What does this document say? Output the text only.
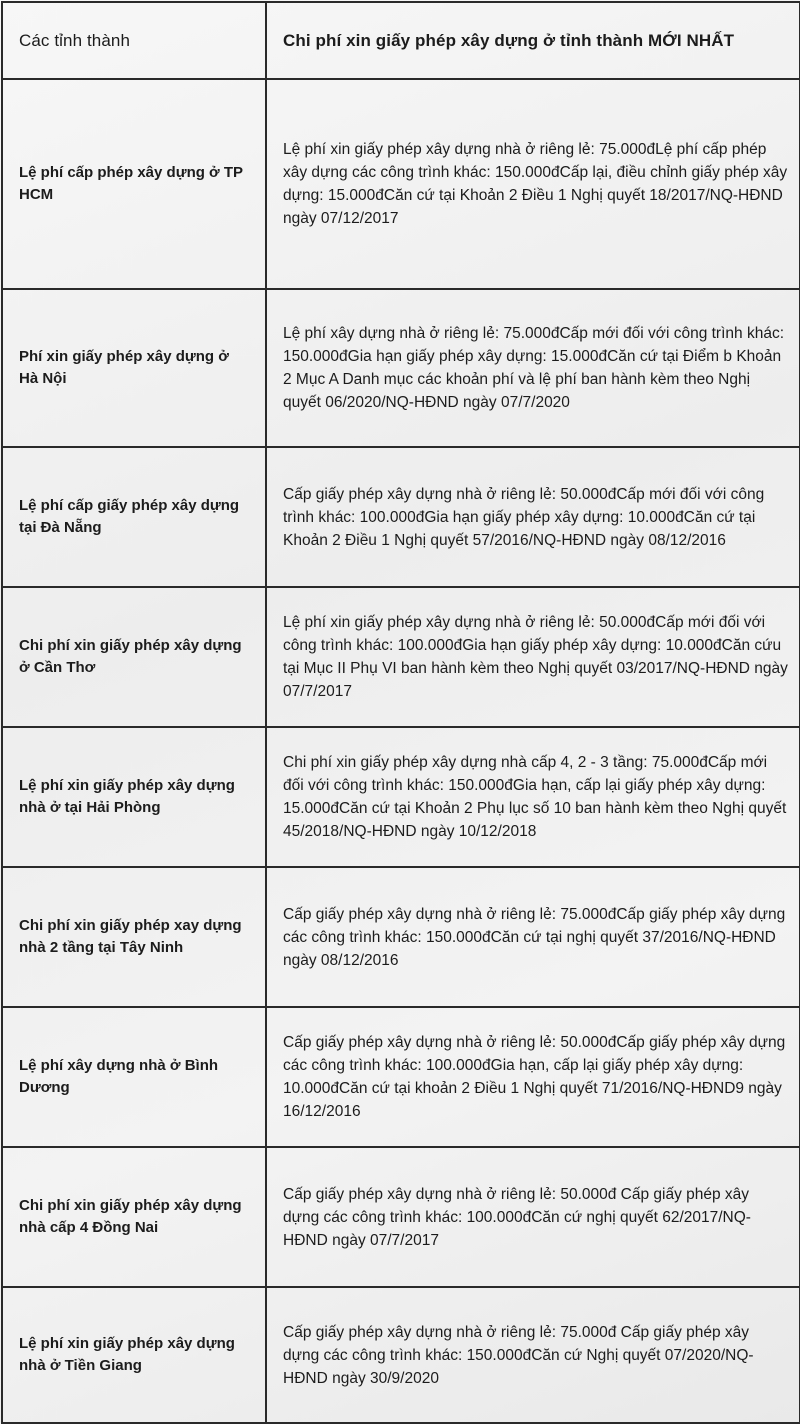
Các tỉnh thành	Chi phí xin giấy phép xây dựng ở tỉnh thành MỚI NHẤT
Lệ phí cấp phép xây dựng ở TP HCM	Lệ phí xin giấy phép xây dựng nhà ở riêng lẻ: 75.000đLệ phí cấp phép xây dựng các công trình khác: 150.000đCấp lại, điều chỉnh giấy phép xây dựng: 15.000đCăn cứ tại Khoản 2 Điều 1 Nghị quyết 18/2017/NQ-HĐND ngày 07/12/2017
Phí xin giấy phép xây dựng ở Hà Nội	Lệ phí xây dựng nhà ở riêng lẻ: 75.000đCấp mới đối với công trình khác: 150.000đGia hạn giấy phép xây dựng: 15.000đCăn cứ tại Điểm b Khoản 2 Mục A Danh mục các khoản phí và lệ phí ban hành kèm theo Nghị quyết 06/2020/NQ-HĐND ngày 07/7/2020
Lệ phí cấp giấy phép xây dựng tại Đà Nẵng	Cấp giấy phép xây dựng nhà ở riêng lẻ: 50.000đCấp mới đối với công trình khác: 100.000đGia hạn giấy phép xây dựng: 10.000đCăn cứ tại Khoản 2 Điều 1 Nghị quyết 57/2016/NQ-HĐND ngày 08/12/2016
Chi phí xin giấy phép xây dựng ở Cần Thơ	Lệ phí xin giấy phép xây dựng nhà ở riêng lẻ: 50.000đCấp mới đối với công trình khác: 100.000đGia hạn giấy phép xây dựng: 10.000đCăn cứu tại Mục II Phụ VI ban hành kèm theo Nghị quyết 03/2017/NQ-HĐND ngày 07/7/2017
Lệ phí xin giấy phép xây dựng nhà ở tại Hải Phòng	Chi phí xin giấy phép xây dựng nhà cấp 4, 2 - 3 tầng: 75.000đCấp mới đối với công trình khác: 150.000đGia hạn, cấp lại giấy phép xây dựng: 15.000đCăn cứ tại Khoản 2 Phụ lục số 10 ban hành kèm theo Nghị quyết 45/2018/NQ-HĐND ngày 10/12/2018
Chi phí xin giấy phép xay dựng nhà 2 tầng tại Tây Ninh	Cấp giấy phép xây dựng nhà ở riêng lẻ: 75.000đCấp giấy phép xây dựng các công trình khác: 150.000đCăn cứ tại nghị quyết 37/2016/NQ-HĐND ngày 08/12/2016
Lệ phí xây dựng nhà ở Bình Dương	Cấp giấy phép xây dựng nhà ở riêng lẻ: 50.000đCấp giấy phép xây dựng các công trình khác: 100.000đGia hạn, cấp lại giấy phép xây dựng: 10.000đCăn cứ tại khoản 2 Điều 1 Nghị quyết 71/2016/NQ-HĐND9 ngày 16/12/2016
Chi phí xin giấy phép xây dựng nhà cấp 4 Đồng Nai	Cấp giấy phép xây dựng nhà ở riêng lẻ: 50.000đ Cấp giấy phép xây dựng các công trình khác: 100.000đCăn cứ nghị quyết 62/2017/NQ-HĐND ngày 07/7/2017
Lệ phí xin giấy phép xây dựng nhà ở Tiền Giang	Cấp giấy phép xây dựng nhà ở riêng lẻ: 75.000đ Cấp giấy phép xây dựng các công trình khác: 150.000đCăn cứ Nghị quyết 07/2020/NQ-HĐND ngày 30/9/2020
